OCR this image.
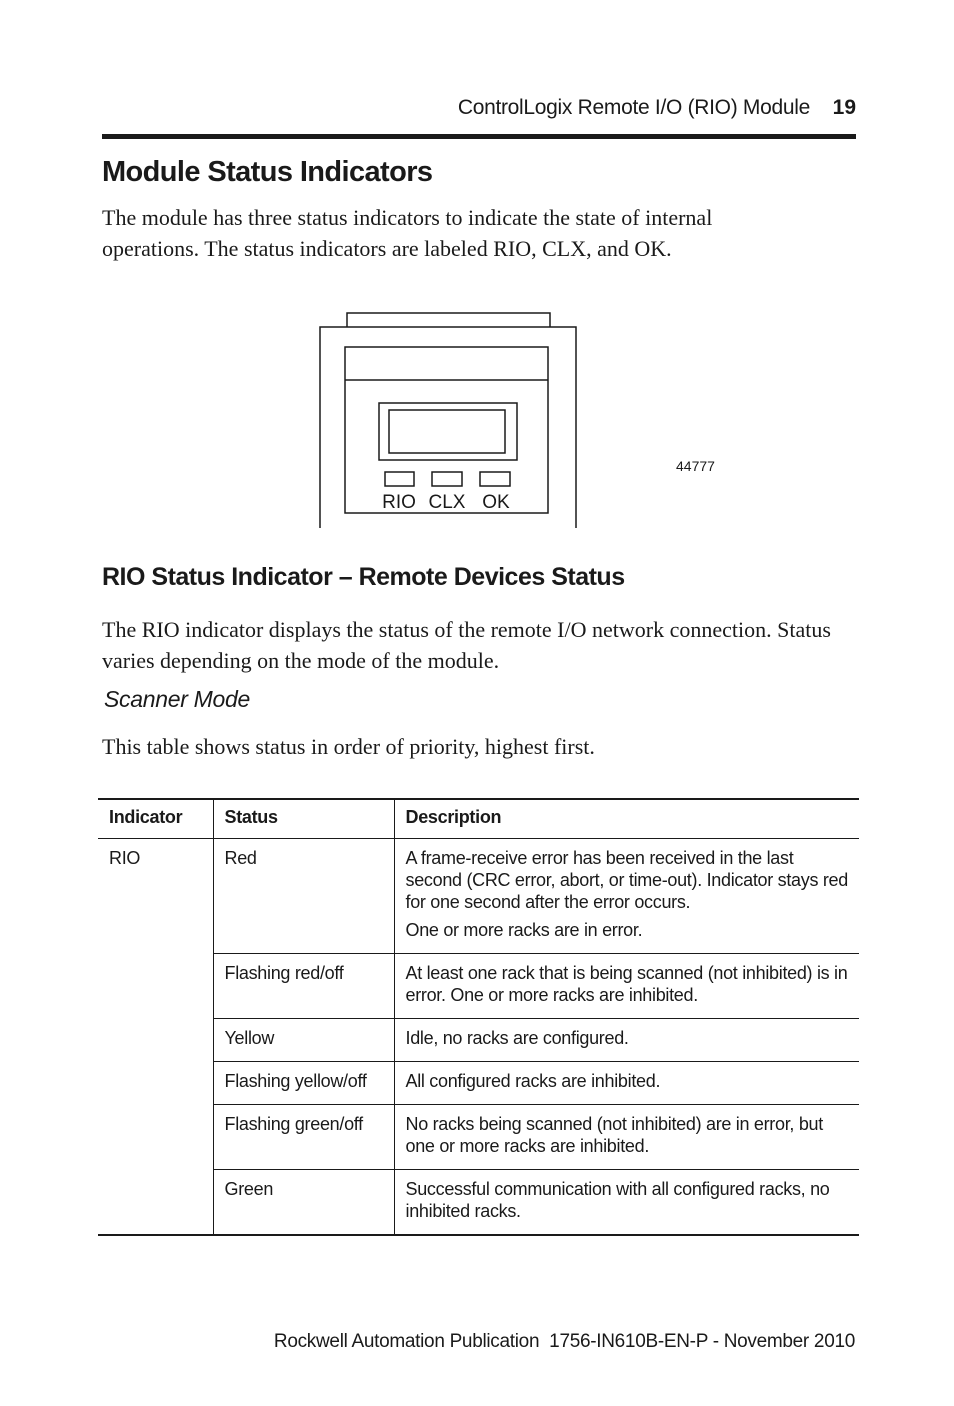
ControlLogix Remote I/O (RIO) Module 19
Module Status Indicators

The module has three status indicators to indicate the state of internal operations. The status indicators are labeled RIO, CLX, and OK.

RIO CLX OK
44777
RIO Status Indicator – Remote Devices Status

The RIO indicator displays the status of the remote I/O network connection. Status varies depending on the mode of the module.

Scanner Mode

This table shows status in order of priority, highest first.

Indicator	Status	Description
RIO	Red	A frame-receive error has been received in the last second (CRC error, abort, or time-out). Indicator stays red for one second after the error occurs.
One or more racks are in error.

	Flashing red/off	At least one rack that is being scanned (not inhibited) is in error. One or more racks are inhibited.
	Yellow	Idle, no racks are configured.
	Flashing yellow/off	All configured racks are inhibited.
	Flashing green/off	No racks being scanned (not inhibited) are in error, but one or more racks are inhibited.
	Green	Successful communication with all configured racks, no inhibited racks.
Rockwell Automation Publication  1756-IN610B-EN-P - November 2010
